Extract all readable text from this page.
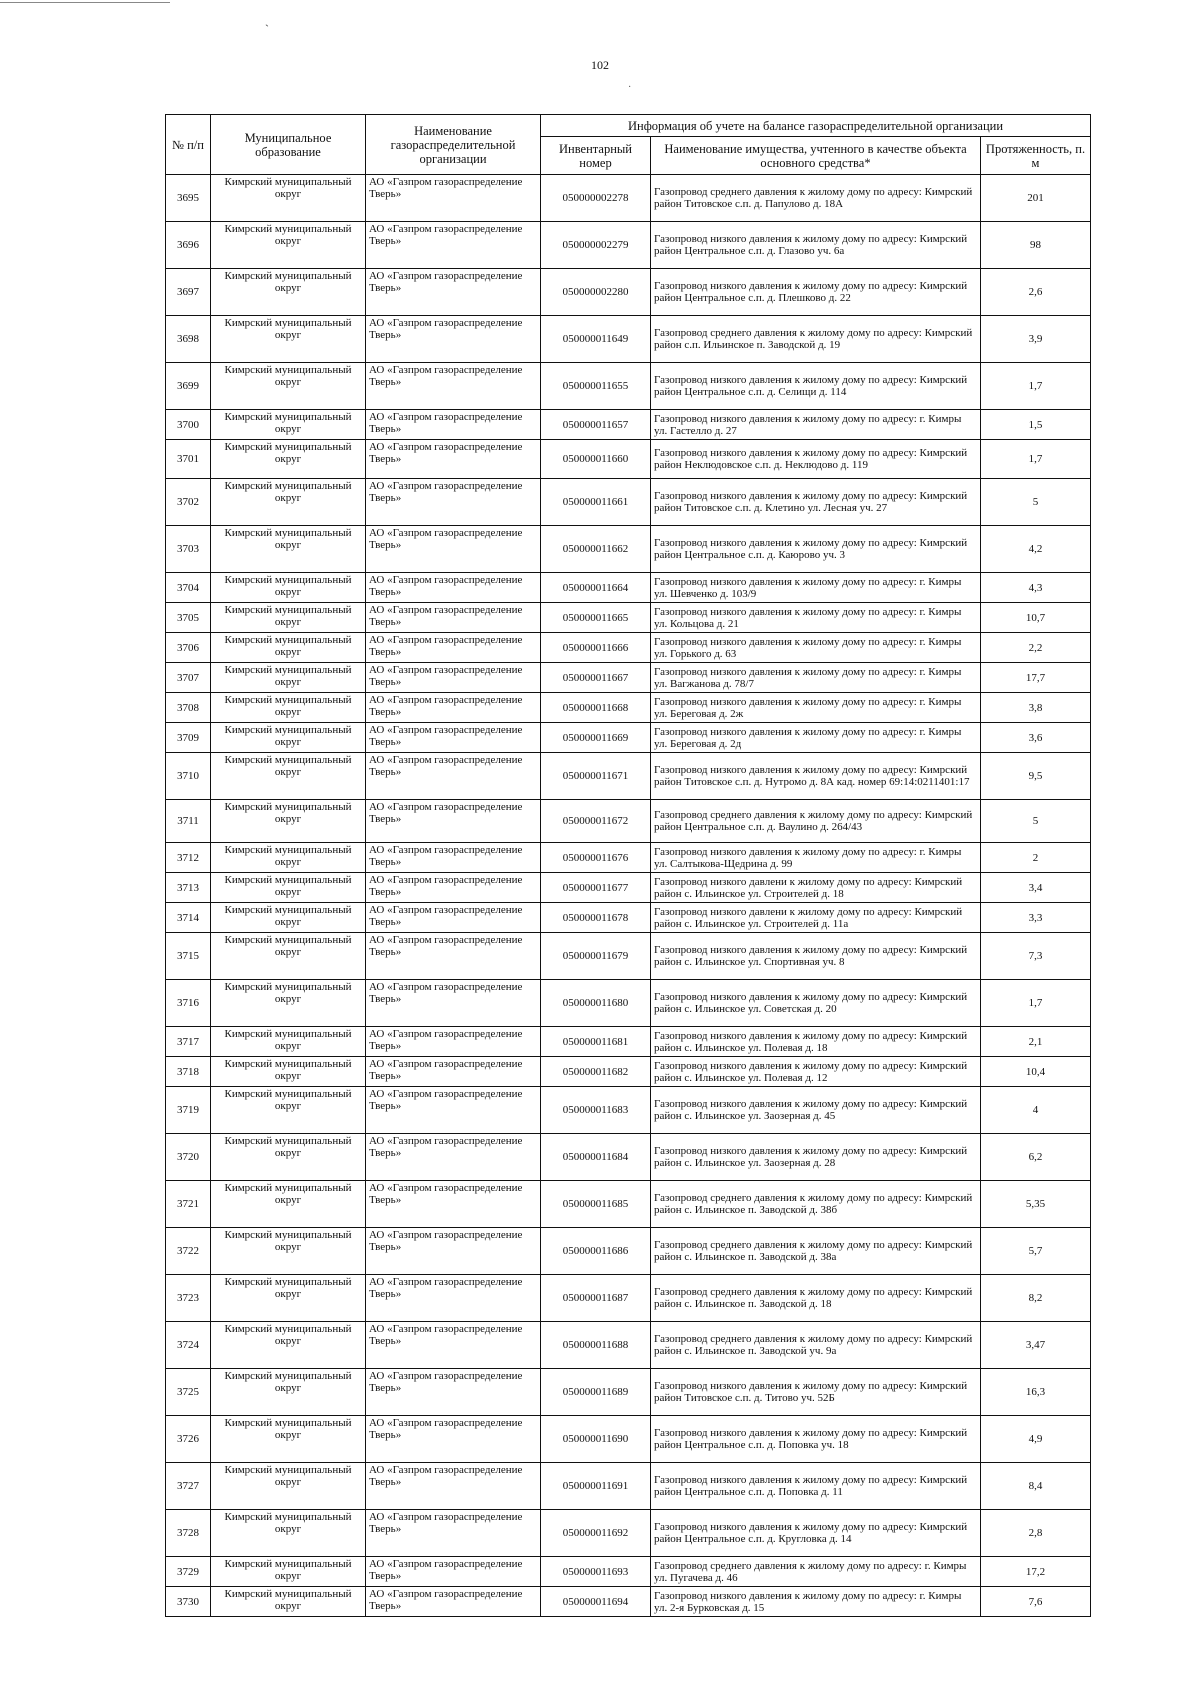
ˋ
102
·
№ п/п	Муниципальное образование	Наименование газораспределительной организации	Информация об учете на балансе газораспределительной организации		
			Инвентарный номер	Наименование имущества, учтенного в качестве объекта основного средства*	Протяженность, п. м
3695	Кимрский муниципальный округ	АО «Газпром газораспределение Тверь»	050000002278	Газопровод среднего давления к жилому дому по адресу: Кимрский район Титовское с.п. д. Папулово д. 18А	201
3696	Кимрский муниципальный округ	АО «Газпром газораспределение Тверь»	050000002279	Газопровод низкого давления к жилому дому по адресу: Кимрский район Центральное с.п. д. Глазово уч. 6а	98
3697	Кимрский муниципальный округ	АО «Газпром газораспределение Тверь»	050000002280	Газопровод низкого давления к жилому дому по адресу: Кимрский район Центральное с.п. д. Плешково д. 22	2,6
3698	Кимрский муниципальный округ	АО «Газпром газораспределение Тверь»	050000011649	Газопровод среднего давления к жилому дому по адресу: Кимрский район с.п. Ильинское п. Заводской д. 19	3,9
3699	Кимрский муниципальный округ	АО «Газпром газораспределение Тверь»	050000011655	Газопровод низкого давления к жилому дому по адресу: Кимрский район Центральное с.п. д. Селищи д. 114	1,7
3700	Кимрский муниципальный округ	АО «Газпром газораспределение Тверь»	050000011657	Газопровод низкого давления к жилому дому по адресу: г. Кимры ул. Гастелло д. 27	1,5
3701	Кимрский муниципальный округ	АО «Газпром газораспределение Тверь»	050000011660	Газопровод низкого давления к жилому дому по адресу: Кимрский район Неклюдовское с.п. д. Неклюдово д. 119	1,7
3702	Кимрский муниципальный округ	АО «Газпром газораспределение Тверь»	050000011661	Газопровод низкого давления к жилому дому по адресу: Кимрский район Титовское с.п. д. Клетино ул. Лесная уч. 27	5
3703	Кимрский муниципальный округ	АО «Газпром газораспределение Тверь»	050000011662	Газопровод низкого давления к жилому дому по адресу: Кимрский район Центральное с.п. д. Каюрово уч. 3	4,2
3704	Кимрский муниципальный округ	АО «Газпром газораспределение Тверь»	050000011664	Газопровод низкого давления к жилому дому по адресу: г. Кимры ул. Шевченко д. 103/9	4,3
3705	Кимрский муниципальный округ	АО «Газпром газораспределение Тверь»	050000011665	Газопровод низкого давления к жилому дому по адресу: г. Кимры ул. Кольцова д. 21	10,7
3706	Кимрский муниципальный округ	АО «Газпром газораспределение Тверь»	050000011666	Газопровод низкого давления к жилому дому по адресу: г. Кимры ул. Горького д. 63	2,2
3707	Кимрский муниципальный округ	АО «Газпром газораспределение Тверь»	050000011667	Газопровод низкого давления к жилому дому по адресу: г. Кимры ул. Вагжанова д. 78/7	17,7
3708	Кимрский муниципальный округ	АО «Газпром газораспределение Тверь»	050000011668	Газопровод низкого давления к жилому дому по адресу: г. Кимры ул. Береговая д. 2ж	3,8
3709	Кимрский муниципальный округ	АО «Газпром газораспределение Тверь»	050000011669	Газопровод низкого давления к жилому дому по адресу: г. Кимры ул. Береговая д. 2д	3,6
3710	Кимрский муниципальный округ	АО «Газпром газораспределение Тверь»	050000011671	Газопровод низкого давления к жилому дому по адресу: Кимрский район Титовское с.п. д. Нутромо д. 8А кад. номер 69:14:0211401:17	9,5
3711	Кимрский муниципальный округ	АО «Газпром газораспределение Тверь»	050000011672	Газопровод среднего давления к жилому дому по адресу: Кимрский район Центральное с.п. д. Ваулино д. 264/43	5
3712	Кимрский муниципальный округ	АО «Газпром газораспределение Тверь»	050000011676	Газопровод низкого давления к жилому дому по адресу: г. Кимры ул. Салтыкова-Щедрина д. 99	2
3713	Кимрский муниципальный округ	АО «Газпром газораспределение Тверь»	050000011677	Газопровод низкого давлени к жилому дому по адресу: Кимрский район с. Ильинское ул. Строителей д. 18	3,4
3714	Кимрский муниципальный округ	АО «Газпром газораспределение Тверь»	050000011678	Газопровод низкого давлени к жилому дому по адресу: Кимрский район с. Ильинское ул. Строителей д. 11а	3,3
3715	Кимрский муниципальный округ	АО «Газпром газораспределение Тверь»	050000011679	Газопровод низкого давления к жилому дому по адресу: Кимрский район с. Ильинское ул. Спортивная уч. 8	7,3
3716	Кимрский муниципальный округ	АО «Газпром газораспределение Тверь»	050000011680	Газопровод низкого давления к жилому дому по адресу: Кимрский район с. Ильинское ул. Советская д. 20	1,7
3717	Кимрский муниципальный округ	АО «Газпром газораспределение Тверь»	050000011681	Газопровод низкого давления к жилому дому по адресу: Кимрский район с. Ильинское ул. Полевая д. 18	2,1
3718	Кимрский муниципальный округ	АО «Газпром газораспределение Тверь»	050000011682	Газопровод низкого давления к жилому дому по адресу: Кимрский район с. Ильинское ул. Полевая д. 12	10,4
3719	Кимрский муниципальный округ	АО «Газпром газораспределение Тверь»	050000011683	Газопровод низкого давления к жилому дому по адресу: Кимрский район с. Ильинское ул. Заозерная д. 45	4
3720	Кимрский муниципальный округ	АО «Газпром газораспределение Тверь»	050000011684	Газопровод низкого давления к жилому дому по адресу: Кимрский район с. Ильинское ул. Заозерная д. 28	6,2
3721	Кимрский муниципальный округ	АО «Газпром газораспределение Тверь»	050000011685	Газопровод среднего давления к жилому дому по адресу: Кимрский район с. Ильинское п. Заводской д. 38б	5,35
3722	Кимрский муниципальный округ	АО «Газпром газораспределение Тверь»	050000011686	Газопровод среднего давления к жилому дому по адресу: Кимрский район с. Ильинское п. Заводской д. 38а	5,7
3723	Кимрский муниципальный округ	АО «Газпром газораспределение Тверь»	050000011687	Газопровод среднего давления к жилому дому по адресу: Кимрский район с. Ильинское п. Заводской д. 18	8,2
3724	Кимрский муниципальный округ	АО «Газпром газораспределение Тверь»	050000011688	Газопровод среднего давления к жилому дому по адресу: Кимрский район с. Ильинское п. Заводской уч. 9а	3,47
3725	Кимрский муниципальный округ	АО «Газпром газораспределение Тверь»	050000011689	Газопровод низкого давления к жилому дому по адресу: Кимрский район Титовское с.п. д. Титово уч. 52Б	16,3
3726	Кимрский муниципальный округ	АО «Газпром газораспределение Тверь»	050000011690	Газопровод низкого давления к жилому дому по адресу: Кимрский район Центральное с.п. д. Поповка уч. 18	4,9
3727	Кимрский муниципальный округ	АО «Газпром газораспределение Тверь»	050000011691	Газопровод низкого давления к жилому дому по адресу: Кимрский район Центральное с.п. д. Поповка д. 11	8,4
3728	Кимрский муниципальный округ	АО «Газпром газораспределение Тверь»	050000011692	Газопровод низкого давления к жилому дому по адресу: Кимрский район Центральное с.п. д. Кругловка д. 14	2,8
3729	Кимрский муниципальный округ	АО «Газпром газораспределение Тверь»	050000011693	Газопровод среднего давления к жилому дому по адресу: г. Кимры ул. Пугачева д. 46	17,2
3730	Кимрский муниципальный округ	АО «Газпром газораспределение Тверь»	050000011694	Газопровод низкого давления к жилому дому по адресу: г. Кимры ул. 2-я Бурковская д. 15	7,6
